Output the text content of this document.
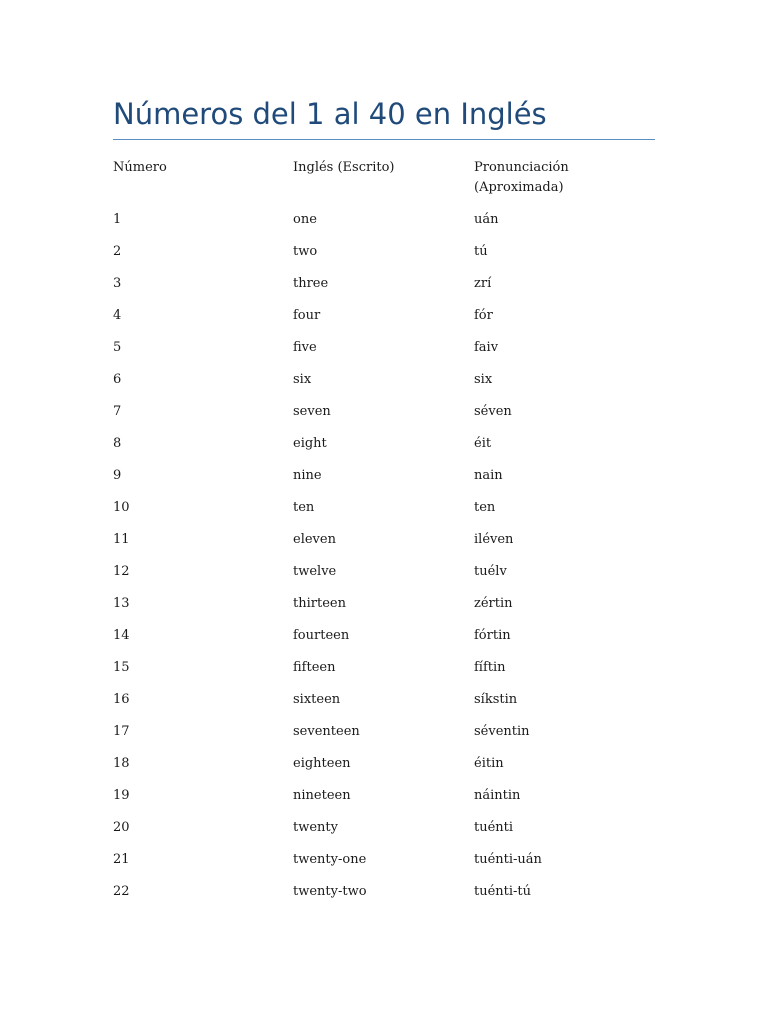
Números del 1 al 40 en Inglés
Número	Inglés (Escrito)	Pronunciación (Aproximada)
1	one	uán
2	two	tú
3	three	zrí
4	four	fór
5	five	faiv
6	six	six
7	seven	séven
8	eight	éit
9	nine	nain
10	ten	ten
11	eleven	iléven
12	twelve	tuélv
13	thirteen	zértin
14	fourteen	fórtin
15	fifteen	fíftin
16	sixteen	síkstin
17	seventeen	séventin
18	eighteen	éitin
19	nineteen	náintin
20	twenty	tuénti
21	twenty-one	tuénti-uán
22	twenty-two	tuénti-tú
